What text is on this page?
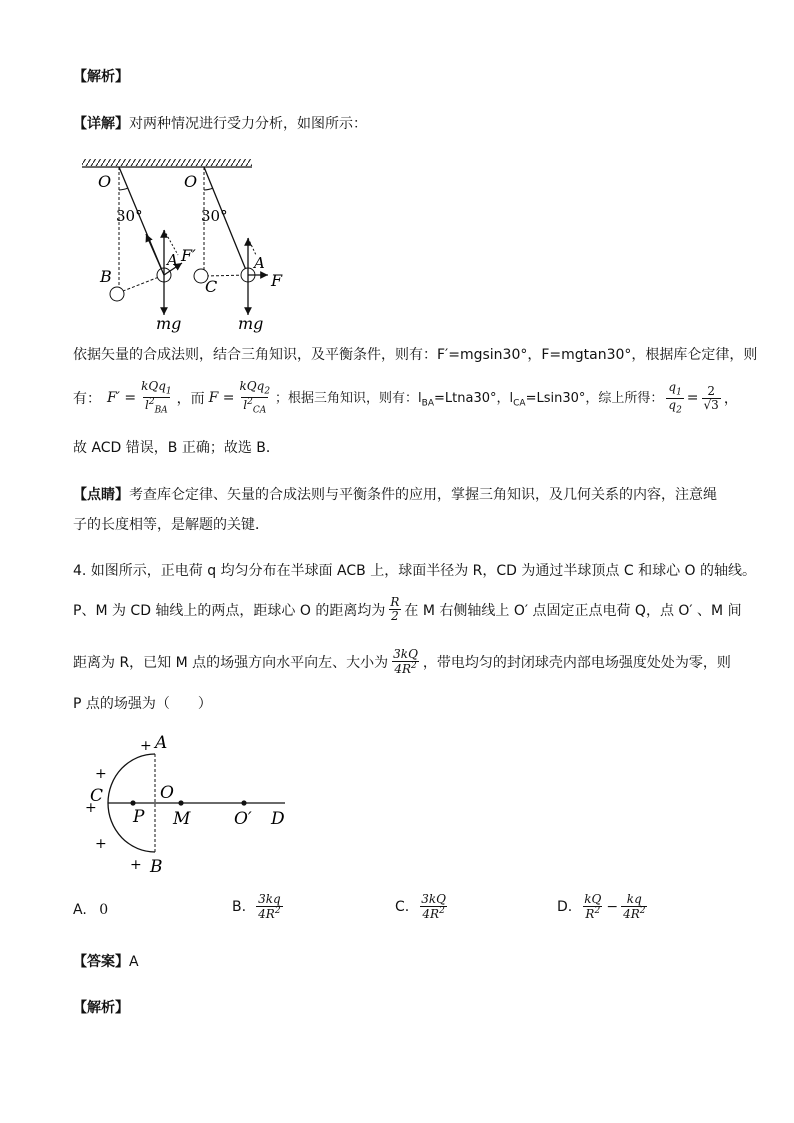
【解析】
【详解】对两种情况进行受力分析，如图所示：
O	O
30°	30°
B
C
A	A
F′
F
mg	mg
依据矢量的合成法则，结合三角知识，及平衡条件，则有：F′=mgsin30°，F=mgtan30°，根据库仑定律，则
有： $F' = \frac{kQq_1}{l^2_{BA}}$ ，而 $F = \frac{kQq_2}{l^2_{CA}}$ ；根据三角知识，则有：$l_{BA}=Ltna30^\circ$，$l_{CA}=Lsin30^\circ$，综上所得： $\frac{q_1}{q_2} = \frac{2}{√3}$ ，
故 ACD 错误，B 正确；故选 B．
【点睛】考查库仑定律、矢量的合成法则与平衡条件的应用，掌握三角知识，及几何关系的内容，注意绳
子的长度相等，是解题的关键．
4. 如图所示，正电荷 q 均匀分布在半球面 ACB 上，球面半径为 R，CD 为通过半球顶点 C 和球心 O 的轴线。
P、M 为 CD 轴线上的两点，距球心 O 的距离均为 $\frac{R}{2}$ 在 M 右侧轴线上 O′ 点固定正点电荷 Q，点 O′ 、M 间
距离为 R，已知 M 点的场强方向水平向左、大小为 $\frac{3kQ}{4R^2}$ ，带电均匀的封闭球壳内部电场强度处处为零，则
P 点的场强为（　　）
+
+
+
+
+
A
B
C	O
P M	O′ D
A. 0	B. $\frac{3kq}{4R^2}$	C. $\frac{3kQ}{4R^2}$	D. $\frac{kQ}{R^2} - \frac{kq}{4R^2}$
【答案】A
【解析】
